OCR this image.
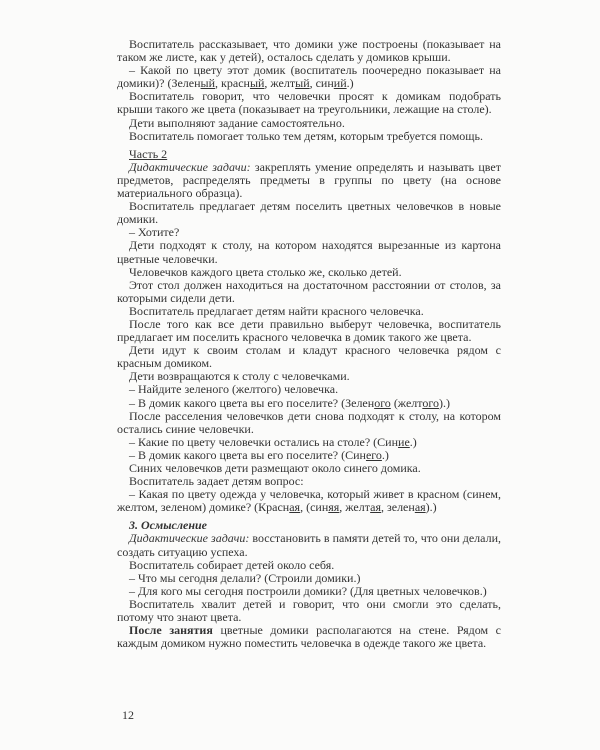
Воспитатель рассказывает, что домики уже построены (показывает на таком же листе, как у детей), осталось сделать у домиков крыши.

– Какой по цвету этот домик (воспитатель поочередно показывает на домики)? (Зеленый, красный, желтый, синий.)

Воспитатель говорит, что человечки просят к домикам подобрать крыши такого же цвета (показывает на треугольники, лежащие на столе).

Дети выполняют задание самостоятельно.

Воспитатель помогает только тем детям, которым требуется помощь.

Часть 2

Дидактические задачи: закреплять умение определять и называть цвет предметов, распределять предметы в группы по цвету (на основе материального образца).

Воспитатель предлагает детям поселить цветных человечков в новые домики.

– Хотите?

Дети подходят к столу, на котором находятся вырезанные из картона цветные человечки.

Человечков каждого цвета столько же, сколько детей.

Этот стол должен находиться на достаточном расстоянии от столов, за которыми сидели дети.

Воспитатель предлагает детям найти красного человечка.

После того как все дети правильно выберут человечка, воспитатель предлагает им поселить красного человечка в домик такого же цвета.

Дети идут к своим столам и кладут красного человечка рядом с красным домиком.

Дети возвращаются к столу с человечками.

– Найдите зеленого (желтого) человечка.

– В домик какого цвета вы его поселите? (Зеленого (желтого).)

После расселения человечков дети снова подходят к столу, на котором остались синие человечки.

– Какие по цвету человечки остались на столе? (Синие.)

– В домик какого цвета вы его поселите? (Синего.)

Синих человечков дети размещают около синего домика.

Воспитатель задает детям вопрос:

– Какая по цвету одежда у человечка, который живет в красном (синем, желтом, зеленом) домике? (Красная, (синяя, желтая, зеленая).)

3. Осмысление

Дидактические задачи: восстановить в памяти детей то, что они делали, создать ситуацию успеха.

Воспитатель собирает детей около себя.

– Что мы сегодня делали? (Строили домики.)

– Для кого мы сегодня построили домики? (Для цветных человечков.)

Воспитатель хвалит детей и говорит, что они смогли это сделать, потому что знают цвета.

После занятия цветные домики располагаются на стене. Рядом с каждым домиком нужно поместить человечка в одежде такого же цвета.

12
